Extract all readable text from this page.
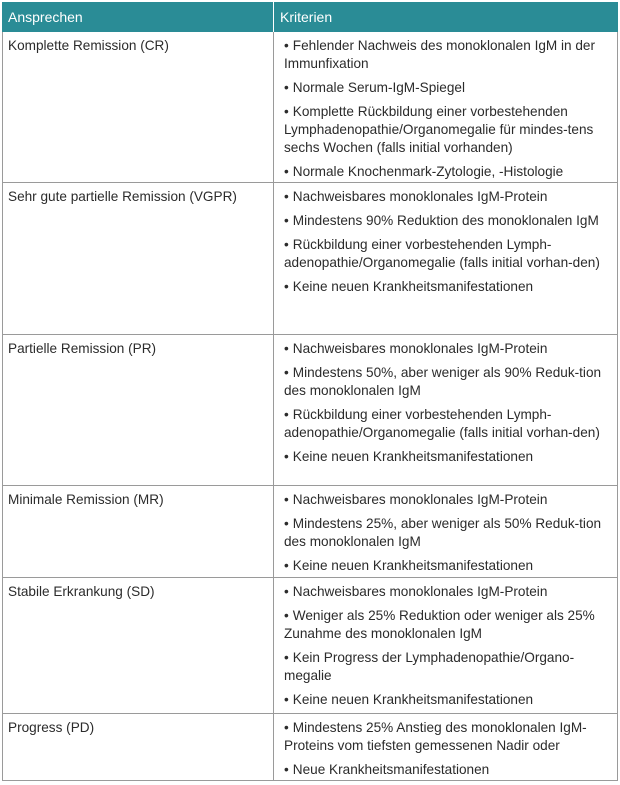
Ansprechen	Kriterien
Komplette Remission (CR)	• Fehlender Nachweis des monoklonalen IgM in der Immunfixation
• Normale Serum-IgM-Spiegel
• Komplette Rückbildung einer vorbestehenden Lymphadenopathie/Organomegalie für mindes-tens sechs Wochen (falls initial vorhanden)
• Normale Knochenmark-Zytologie, -Histologie
Sehr gute partielle Remission (VGPR)	• Nachweisbares monoklonales IgM-Protein
• Mindestens 90% Reduktion des monoklonalen IgM
• Rückbildung einer vorbestehenden Lymph-adenopathie/Organomegalie (falls initial vorhan-den)
• Keine neuen Krankheitsmanifestationen
Partielle Remission (PR)	• Nachweisbares monoklonales IgM-Protein
• Mindestens 50%, aber weniger als 90% Reduk-tion des monoklonalen IgM
• Rückbildung einer vorbestehenden Lymph-adenopathie/Organomegalie (falls initial vorhan-den)
• Keine neuen Krankheitsmanifestationen
Minimale Remission (MR)	• Nachweisbares monoklonales IgM-Protein
• Mindestens 25%, aber weniger als 50% Reduk-tion des monoklonalen IgM
• Keine neuen Krankheitsmanifestationen
Stabile Erkrankung (SD)	• Nachweisbares monoklonales IgM-Protein
• Weniger als 25% Reduktion oder weniger als 25% Zunahme des monoklonalen IgM
• Kein Progress der Lymphadenopathie/Organo-megalie
• Keine neuen Krankheitsmanifestationen
Progress (PD)	• Mindestens 25% Anstieg des monoklonalen IgM-Proteins vom tiefsten gemessenen Nadir oder
• Neue Krankheitsmanifestationen
